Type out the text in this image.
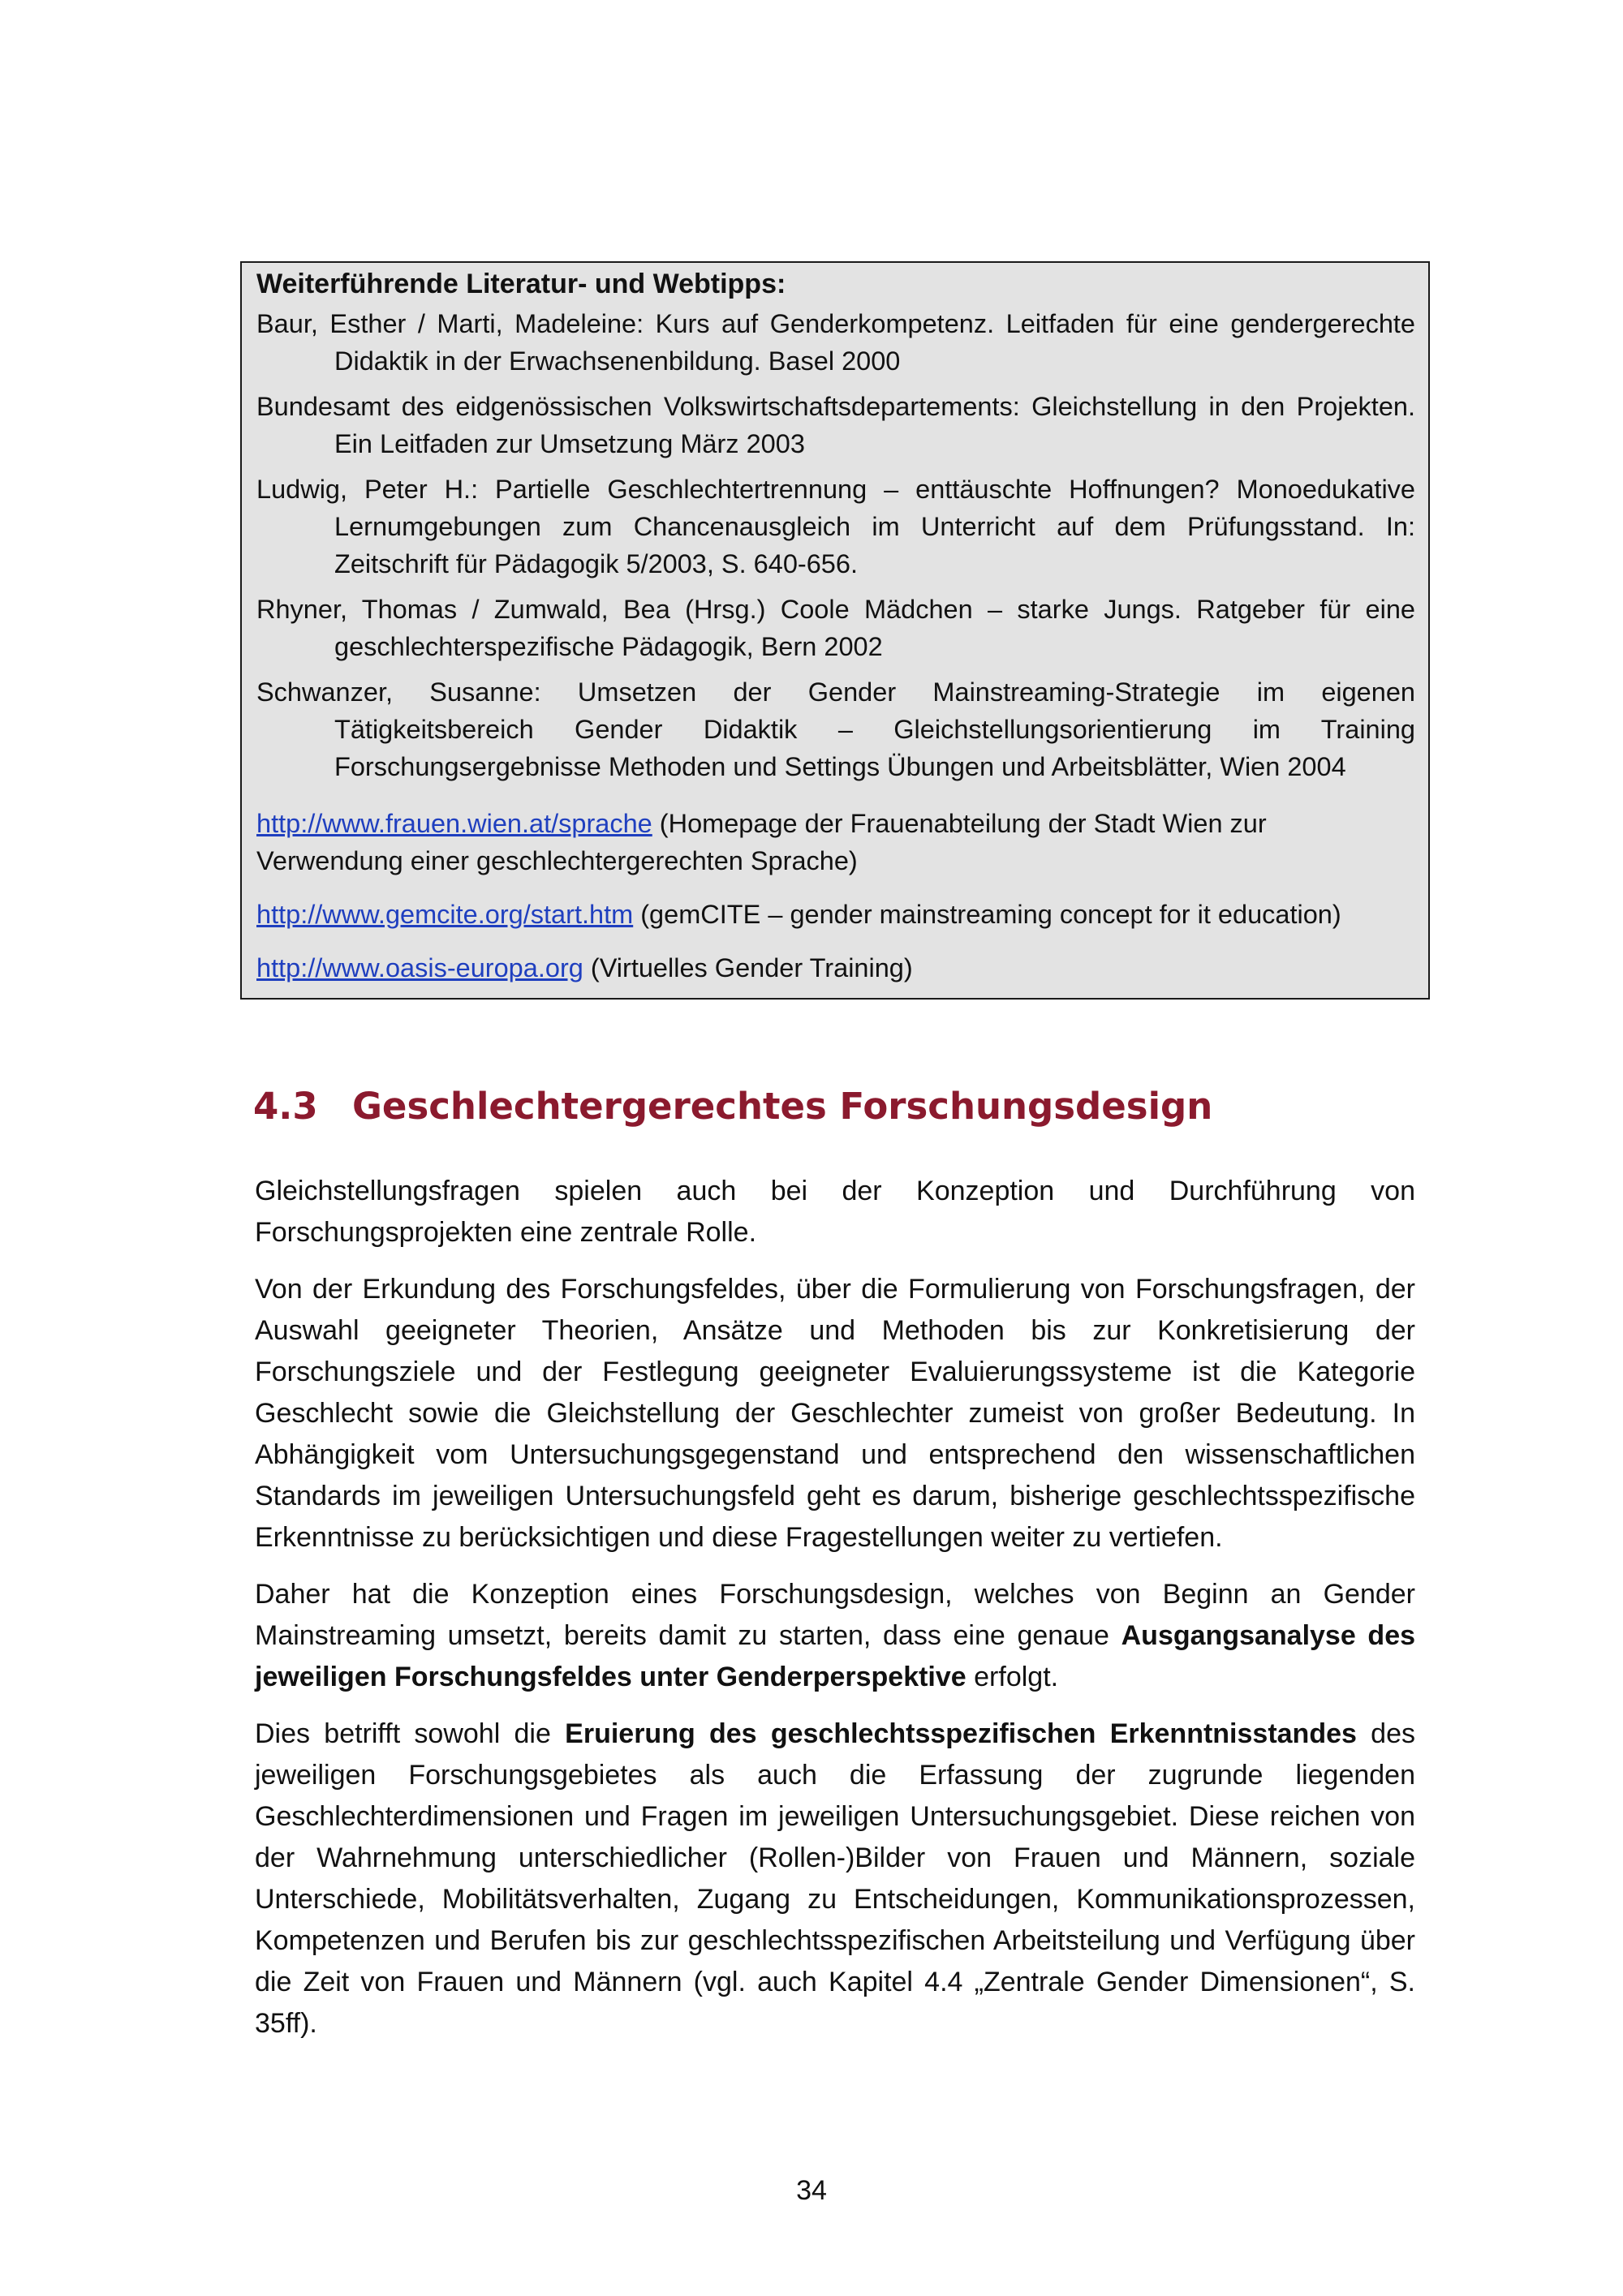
Weiterführende Literatur- und Webtipps:

Baur, Esther / Marti, Madeleine: Kurs auf Genderkompetenz. Leitfaden für eine gendergerechte Didaktik in der Erwachsenenbildung. Basel 2000

Bundesamt des eidgenössischen Volkswirtschaftsdepartements: Gleichstellung in den Projekten. Ein Leitfaden zur Umsetzung März 2003

Ludwig, Peter H.: Partielle Geschlechtertrennung – enttäuschte Hoffnungen? Monoedukative Lernumgebungen zum Chancenausgleich im Unterricht auf dem Prüfungsstand. In: Zeitschrift für Pädagogik 5/2003, S. 640-656.

Rhyner, Thomas / Zumwald, Bea (Hrsg.) Coole Mädchen – starke Jungs. Ratgeber für eine geschlechterspezifische Pädagogik, Bern 2002

Schwanzer, Susanne: Umsetzen der Gender Mainstreaming-Strategie im eigenen Tätigkeitsbereich Gender Didaktik – Gleichstellungsorientierung im Training Forschungsergebnisse Methoden und Settings Übungen und Arbeitsblätter, Wien 2004

http://www.frauen.wien.at/sprache (Homepage der Frauenabteilung der Stadt Wien zur Verwendung einer geschlechtergerechten Sprache)

http://www.gemcite.org/start.htm (gemCITE – gender mainstreaming concept for it education)

http://www.oasis-europa.org (Virtuelles Gender Training)

4.3 Geschlechtergerechtes Forschungsdesign

Gleichstellungsfragen spielen auch bei der Konzeption und Durchführung von Forschungsprojekten eine zentrale Rolle.

Von der Erkundung des Forschungsfeldes, über die Formulierung von Forschungsfragen, der Auswahl geeigneter Theorien, Ansätze und Methoden bis zur Konkretisierung der Forschungsziele und der Festlegung geeigneter Evaluierungssysteme ist die Kategorie Geschlecht sowie die Gleichstellung der Geschlechter zumeist von großer Bedeutung. In Abhängigkeit vom Untersuchungsgegenstand und entsprechend den wissenschaftlichen Standards im jeweiligen Untersuchungsfeld geht es darum, bisherige geschlechtsspezifische Erkenntnisse zu berücksichtigen und diese Fragestellungen weiter zu vertiefen.

Daher hat die Konzeption eines Forschungsdesign, welches von Beginn an Gender Mainstreaming umsetzt, bereits damit zu starten, dass eine genaue Ausgangsanalyse des jeweiligen Forschungsfeldes unter Genderperspektive erfolgt.

Dies betrifft sowohl die Eruierung des geschlechtsspezifischen Erkenntnisstandes des jeweiligen Forschungsgebietes als auch die Erfassung der zugrunde liegenden Geschlechterdimensionen und Fragen im jeweiligen Untersuchungsgebiet. Diese reichen von der Wahrnehmung unterschiedlicher (Rollen-)Bilder von Frauen und Männern, soziale Unterschiede, Mobilitätsverhalten, Zugang zu Entscheidungen, Kommunikationsprozessen, Kompetenzen und Berufen bis zur geschlechtsspezifischen Arbeitsteilung und Verfügung über die Zeit von Frauen und Männern (vgl. auch Kapitel 4.4 „Zentrale Gender Dimensionen“, S. 35ff).

34
